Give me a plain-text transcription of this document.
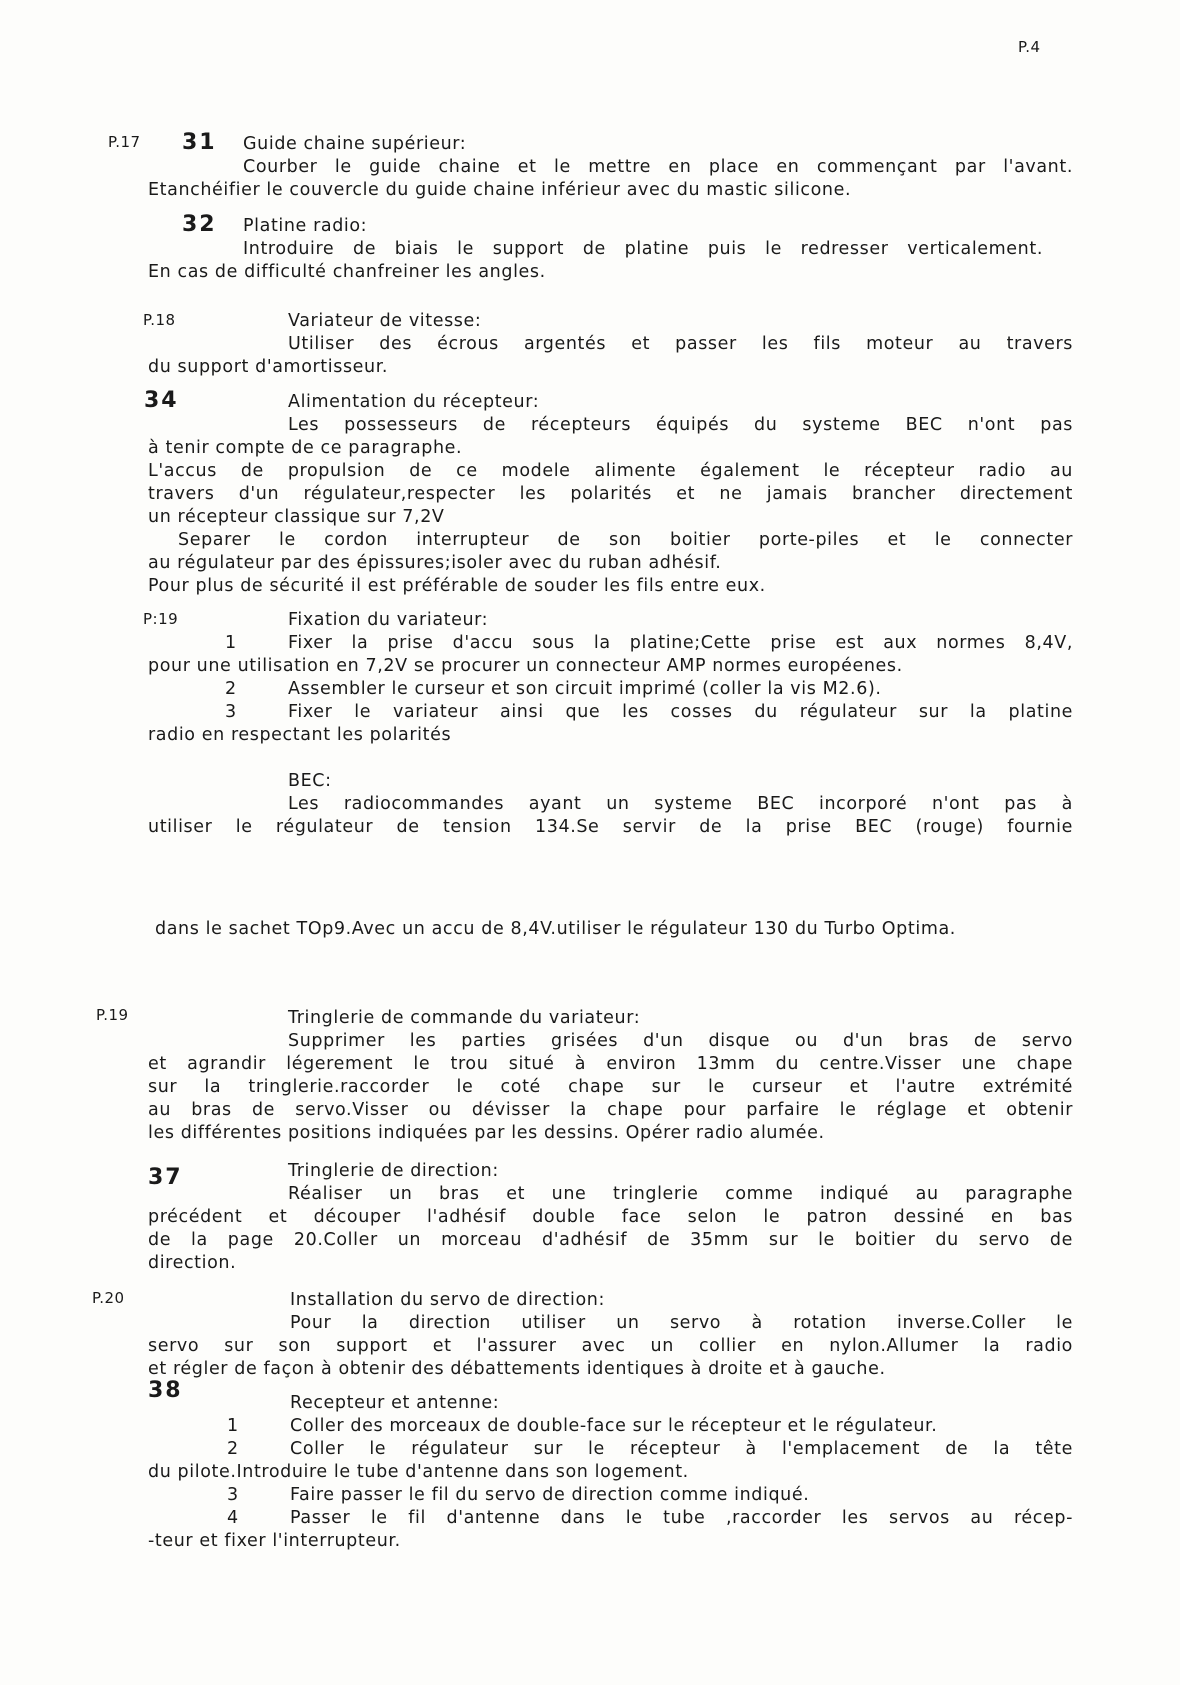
P.4
P.17 31 Guide chaine supérieur:
Courber le guide chaine et le mettre en place en commençant par l'avant.
Etanchéifier le couvercle du guide chaine inférieur avec du mastic silicone.
32 Platine radio:
Introduire de biais le support de platine puis le redresser verticalement.
En cas de difficulté chanfreiner les angles.
P.18	Variateur de vitesse:
Utiliser des écrous argentés et passer les fils moteur au travers
du support d'amortisseur.
34	Alimentation du récepteur:
Les possesseurs de récepteurs équipés du systeme BEC n'ont pas
à tenir compte de ce paragraphe.
L'accus de propulsion de ce modele alimente également le récepteur radio au
travers d'un régulateur,respecter les polarités et ne jamais brancher directement
un récepteur classique sur 7,2V
Separer le cordon interrupteur de son boitier porte-piles et le connecter
au régulateur par des épissures;isoler avec du ruban adhésif.
Pour plus de sécurité il est préférable de souder les fils entre eux.
P:19	Fixation du variateur:
1	Fixer la prise d'accu sous la platine;Cette prise est aux normes 8,4V,
pour une utilisation en 7,2V se procurer un connecteur AMP normes européenes.
2	Assembler le curseur et son circuit imprimé (coller la vis M2.6).
3	Fixer le variateur ainsi que les cosses du régulateur sur la platine
radio en respectant les polarités
BEC:
Les radiocommandes ayant un systeme BEC incorporé n'ont pas à
utiliser le régulateur de tension 134.Se servir de la prise BEC (rouge) fournie
dans le sachet TOp9.Avec un accu de 8,4V.utiliser le régulateur 130 du Turbo Optima.
P.19	Tringlerie de commande du variateur:
Supprimer les parties grisées d'un disque ou d'un bras de servo
et agrandir légerement le trou situé à environ 13mm du centre.Visser une chape
sur la tringlerie.raccorder le coté chape sur le curseur et l'autre extrémité
au bras de servo.Visser ou dévisser la chape pour parfaire le réglage et obtenir
les différentes positions indiquées par les dessins. Opérer radio alumée.
37	Tringlerie de direction:
Réaliser un bras et une tringlerie comme indiqué au paragraphe
précédent et découper l'adhésif double face selon le patron dessiné en bas
de la page 20.Coller un morceau d'adhésif de 35mm sur le boitier du servo de
direction.
P.20	Installation du servo de direction:
Pour la direction utiliser un servo à rotation inverse.Coller le
servo sur son support et l'assurer avec un collier en nylon.Allumer la radio
et régler de façon à obtenir des débattements identiques à droite et à gauche.
38	Recepteur et antenne:
1	Coller des morceaux de double-face sur le récepteur et le régulateur.
2	Coller le régulateur sur le récepteur à l'emplacement de la tête
du pilote.Introduire le tube d'antenne dans son logement.
3	Faire passer le fil du servo de direction comme indiqué.
4	Passer le fil d'antenne dans le tube ,raccorder les servos au récep-
-teur et fixer l'interrupteur.
